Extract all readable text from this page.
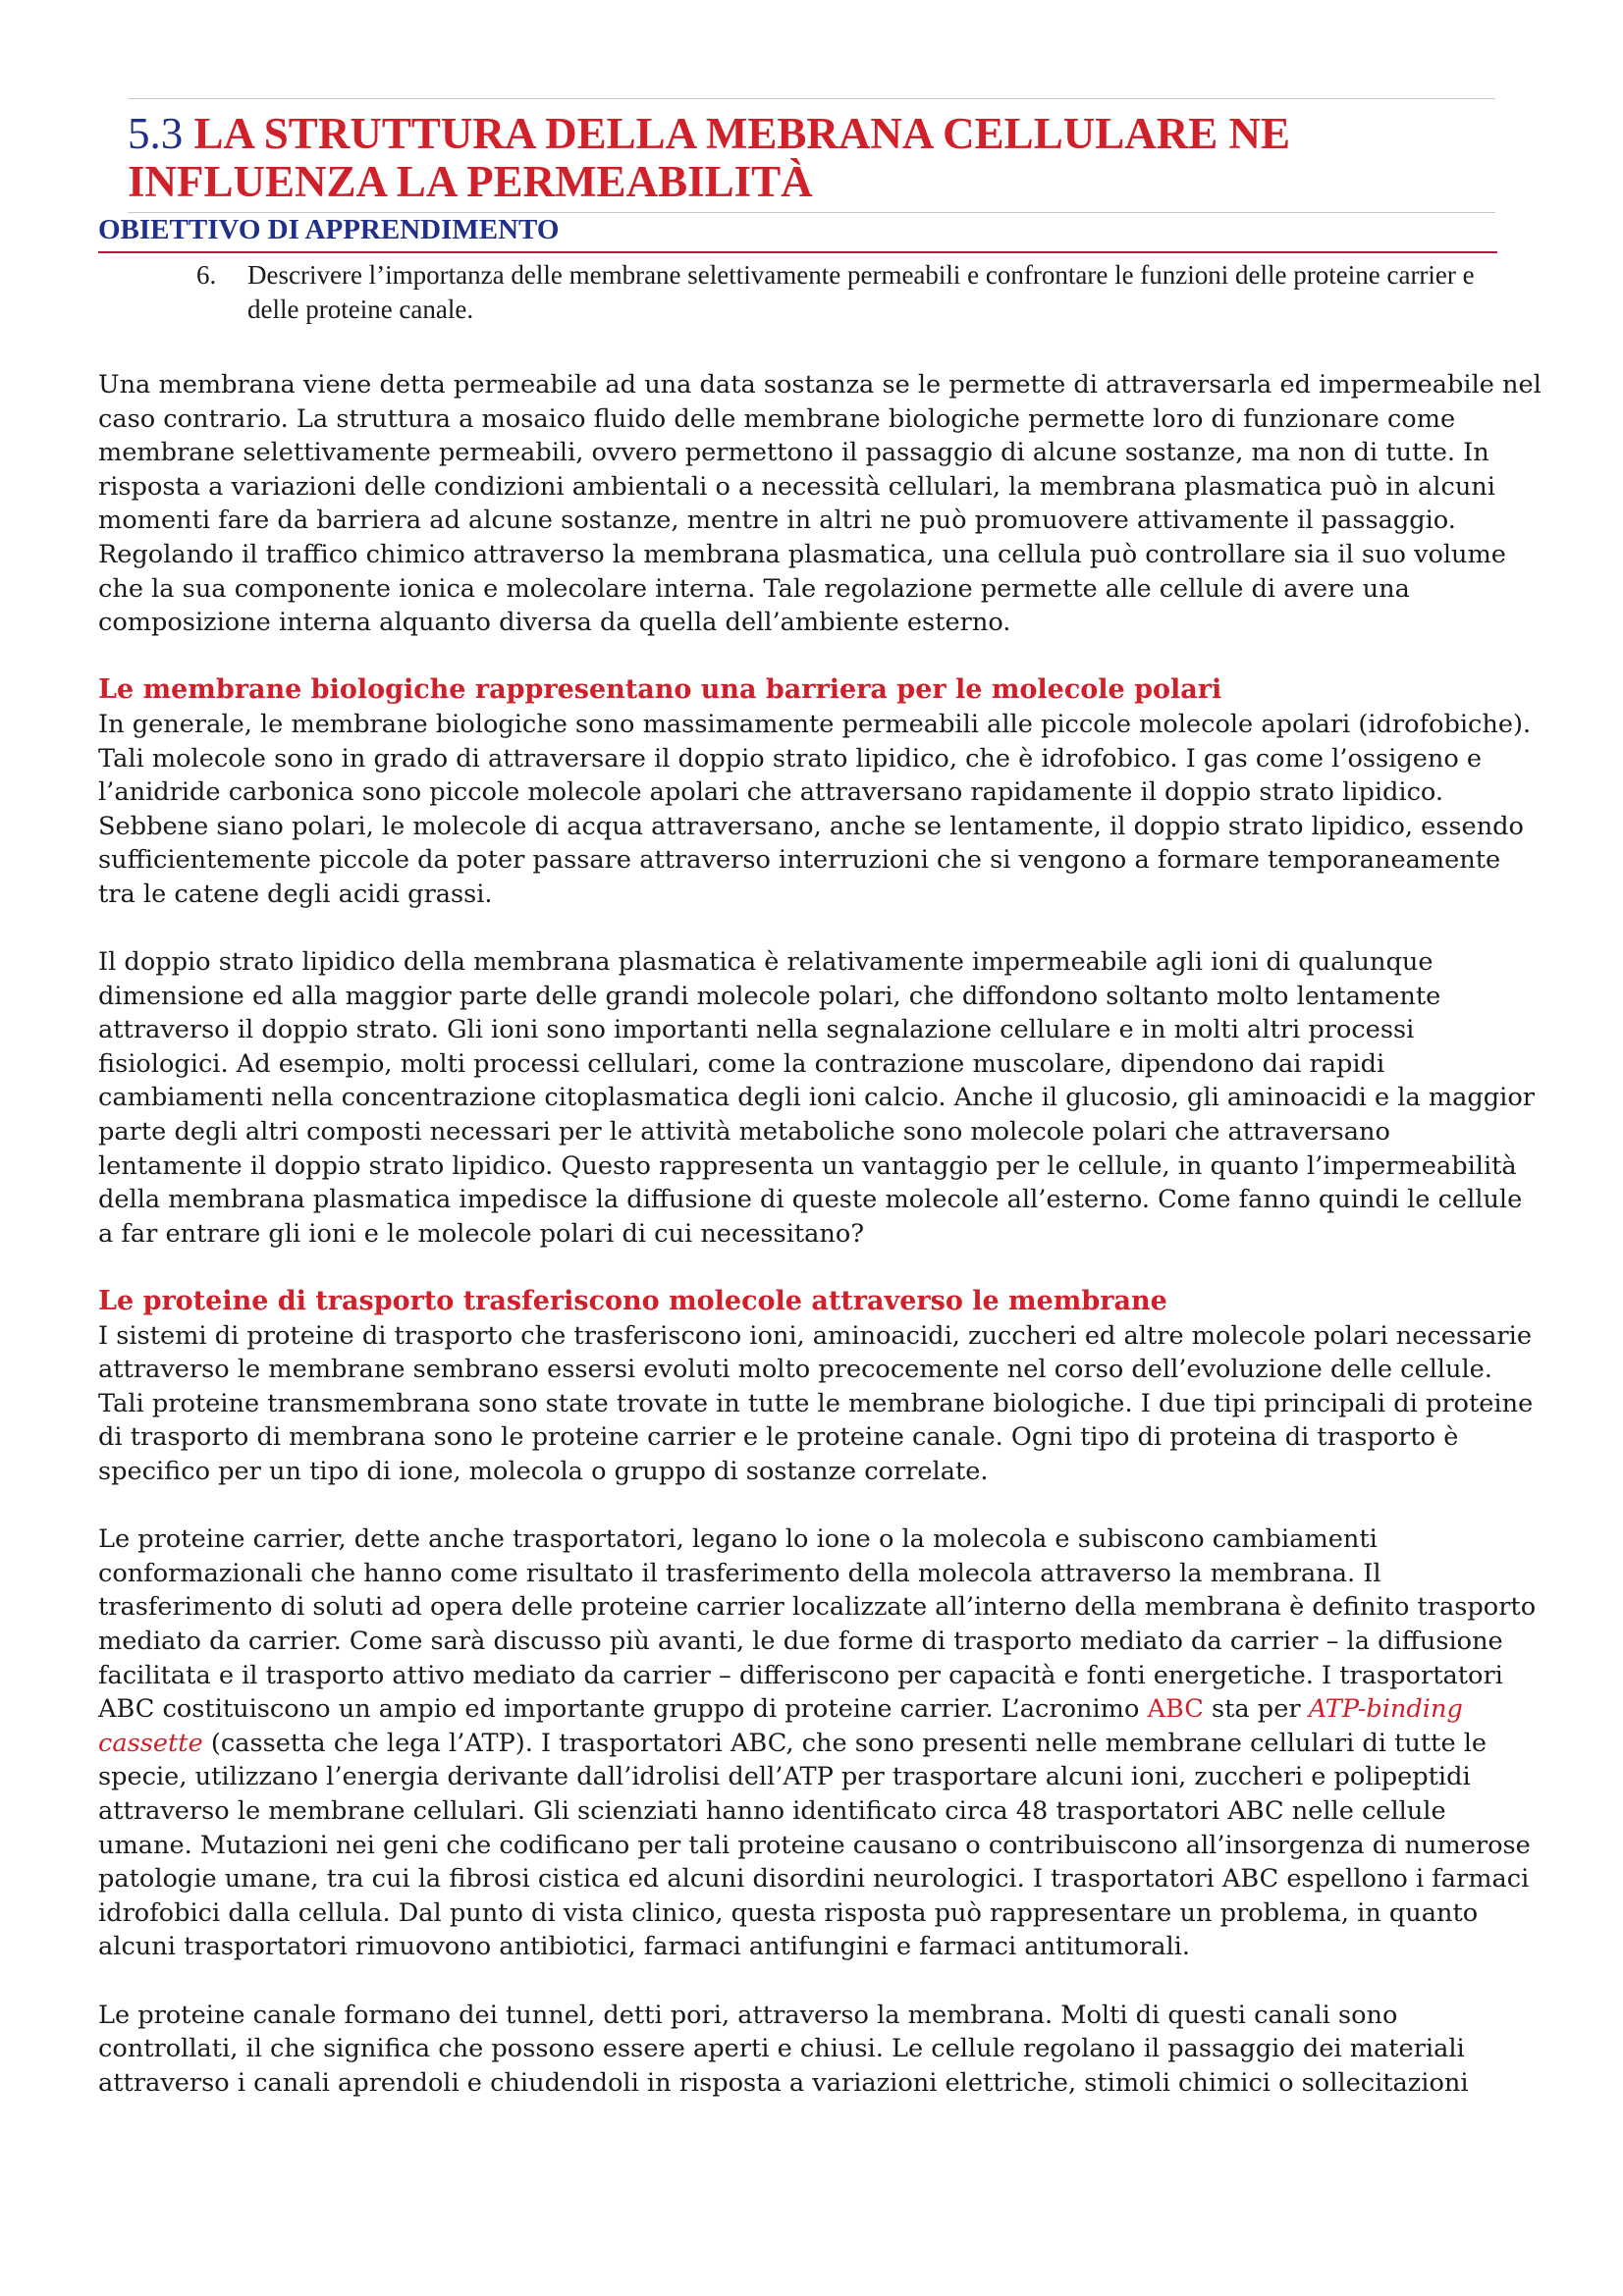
5.3 LA STRUTTURA DELLA MEBRANA CELLULARE NE
INFLUENZA LA PERMEABILITÀ
OBIETTIVO DI APPRENDIMENTO
6. Descrivere l’importanza delle membrane selettivamente permeabili e confrontare le funzioni delle proteine carrier e delle proteine canale.

Una membrana viene detta permeabile ad una data sostanza se le permette di attraversarla ed impermeabile nel caso contrario. La struttura a mosaico fluido delle membrane biologiche permette loro di funzionare come membrane selettivamente permeabili, ovvero permettono il passaggio di alcune sostanze, ma non di tutte. In risposta a variazioni delle condizioni ambientali o a necessità cellulari, la membrana plasmatica può in alcuni momenti fare da barriera ad alcune sostanze, mentre in altri ne può promuovere attivamente il passaggio. Regolando il traffico chimico attraverso la membrana plasmatica, una cellula può controllare sia il suo volume che la sua componente ionica e molecolare interna. Tale regolazione permette alle cellule di avere una composizione interna alquanto diversa da quella dell’ambiente esterno.

Le membrane biologiche rappresentano una barriera per le molecole polari

In generale, le membrane biologiche sono massimamente permeabili alle piccole molecole apolari (idrofobiche). Tali molecole sono in grado di attraversare il doppio strato lipidico, che è idrofobico. I gas come l’ossigeno e l’anidride carbonica sono piccole molecole apolari che attraversano rapidamente il doppio strato lipidico. Sebbene siano polari, le molecole di acqua attraversano, anche se lentamente, il doppio strato lipidico, essendo sufficientemente piccole da poter passare attraverso interruzioni che si vengono a formare temporaneamente tra le catene degli acidi grassi.

Il doppio strato lipidico della membrana plasmatica è relativamente impermeabile agli ioni di qualunque dimensione ed alla maggior parte delle grandi molecole polari, che diffondono soltanto molto lentamente attraverso il doppio strato. Gli ioni sono importanti nella segnalazione cellulare e in molti altri processi fisiologici. Ad esempio, molti processi cellulari, come la contrazione muscolare, dipendono dai rapidi cambiamenti nella concentrazione citoplasmatica degli ioni calcio. Anche il glucosio, gli aminoacidi e la maggior parte degli altri composti necessari per le attività metaboliche sono molecole polari che attraversano lentamente il doppio strato lipidico. Questo rappresenta un vantaggio per le cellule, in quanto l’impermeabilità della membrana plasmatica impedisce la diffusione di queste molecole all’esterno. Come fanno quindi le cellule a far entrare gli ioni e le molecole polari di cui necessitano?

Le proteine di trasporto trasferiscono molecole attraverso le membrane

I sistemi di proteine di trasporto che trasferiscono ioni, aminoacidi, zuccheri ed altre molecole polari necessarie attraverso le membrane sembrano essersi evoluti molto precocemente nel corso dell’evoluzione delle cellule. Tali proteine transmembrana sono state trovate in tutte le membrane biologiche. I due tipi principali di proteine di trasporto di membrana sono le proteine carrier e le proteine canale. Ogni tipo di proteina di trasporto è specifico per un tipo di ione, molecola o gruppo di sostanze correlate.

Le proteine carrier, dette anche trasportatori, legano lo ione o la molecola e subiscono cambiamenti conformazionali che hanno come risultato il trasferimento della molecola attraverso la membrana. Il trasferimento di soluti ad opera delle proteine carrier localizzate all’interno della membrana è definito trasporto mediato da carrier. Come sarà discusso più avanti, le due forme di trasporto mediato da carrier – la diffusione facilitata e il trasporto attivo mediato da carrier – differiscono per capacità e fonti energetiche. I trasportatori ABC costituiscono un ampio ed importante gruppo di proteine carrier. L’acronimo ABC sta per ATP-binding cassette (cassetta che lega l’ATP). I trasportatori ABC, che sono presenti nelle membrane cellulari di tutte le specie, utilizzano l’energia derivante dall’idrolisi dell’ATP per trasportare alcuni ioni, zuccheri e polipeptidi attraverso le membrane cellulari. Gli scienziati hanno identificato circa 48 trasportatori ABC nelle cellule umane. Mutazioni nei geni che codificano per tali proteine causano o contribuiscono all’insorgenza di numerose patologie umane, tra cui la fibrosi cistica ed alcuni disordini neurologici. I trasportatori ABC espellono i farmaci idrofobici dalla cellula. Dal punto di vista clinico, questa risposta può rappresentare un problema, in quanto alcuni trasportatori rimuovono antibiotici, farmaci antifungini e farmaci antitumorali.

Le proteine canale formano dei tunnel, detti pori, attraverso la membrana. Molti di questi canali sono controllati, il che significa che possono essere aperti e chiusi. Le cellule regolano il passaggio dei materiali attraverso i canali aprendoli e chiudendoli in risposta a variazioni elettriche, stimoli chimici o sollecitazioni
